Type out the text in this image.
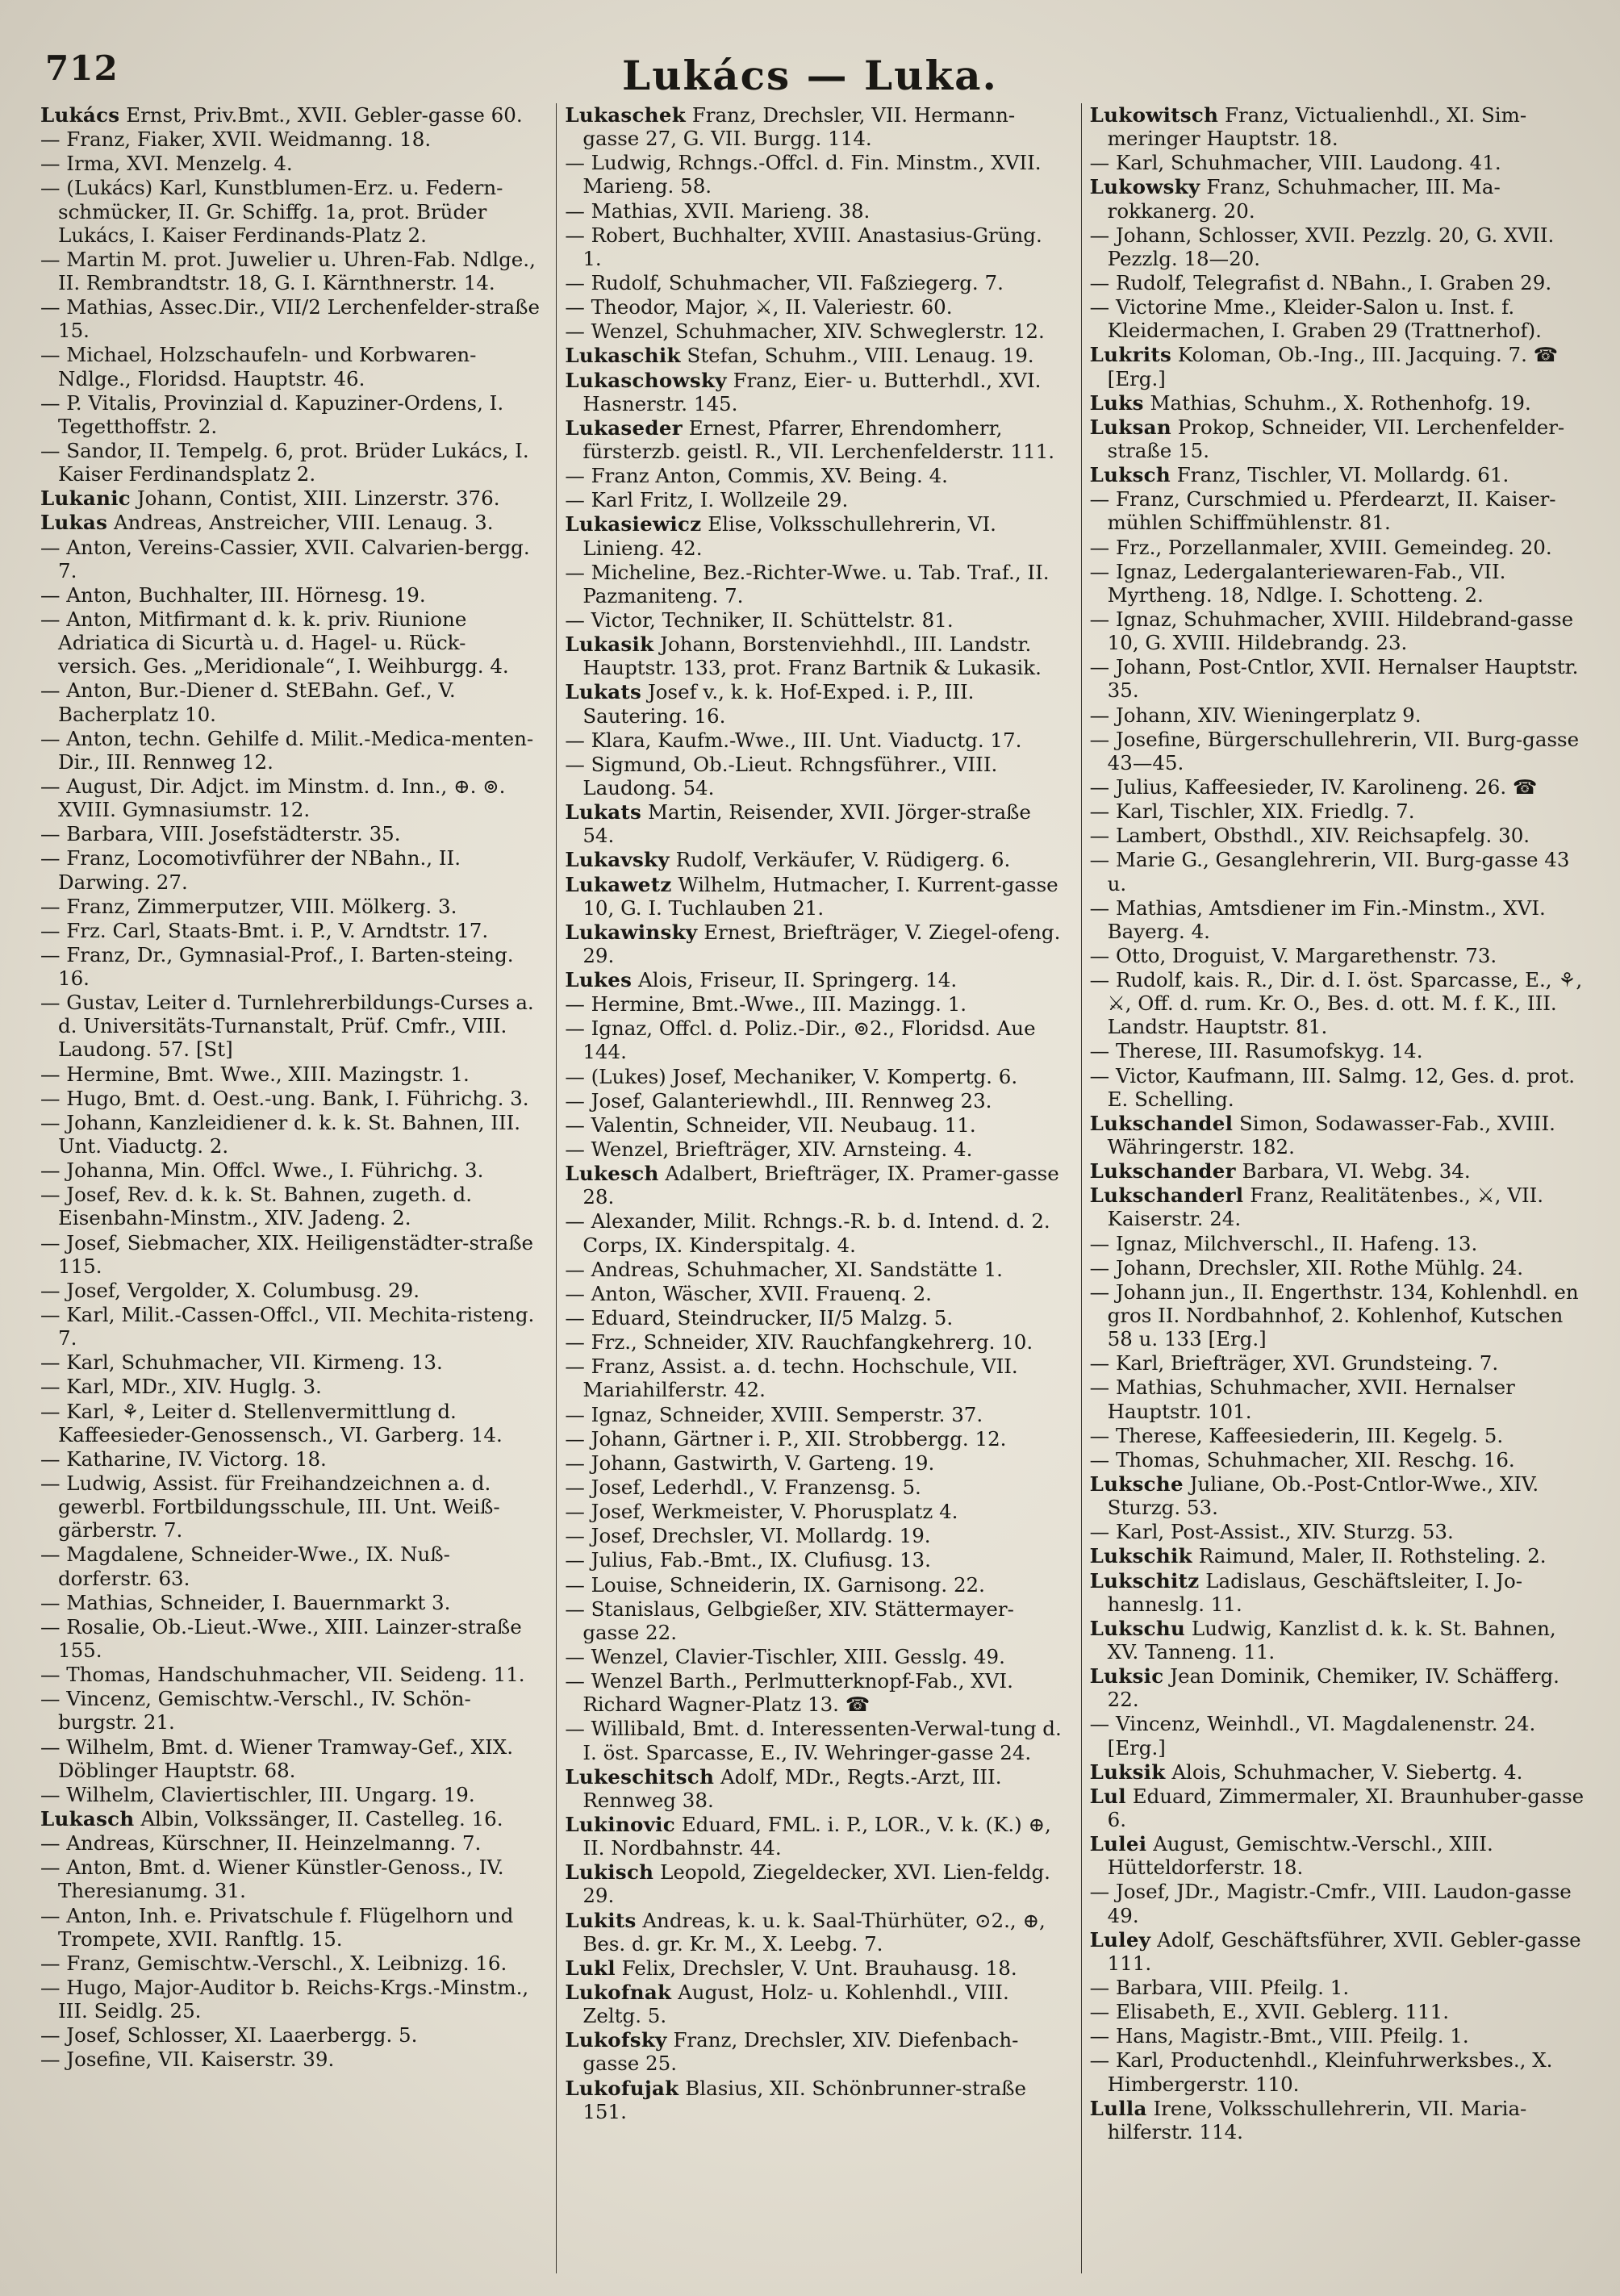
712	Lukács — Luka.
Lukács Ernst, Priv.Bmt., XVII. Gebler-gasse 60.
— Franz, Fiaker, XVII. Weidmanng. 18.
— Irma, XVI. Menzelg. 4.
— (Lukács) Karl, Kunstblumen-Erz. u. Federn-schmücker, II. Gr. Schiffg. 1a, prot. Brüder Lukács, I. Kaiser Ferdinands-Platz 2.
— Martin M. prot. Juwelier u. Uhren-Fab. Ndlge., II. Rembrandtstr. 18, G. I. Kärnthnerstr. 14.
— Mathias, Assec.Dir., VII/2 Lerchenfelder-straße 15.
— Michael, Holzschaufeln- und Korbwaren-Ndlge., Floridsd. Hauptstr. 46.
— P. Vitalis, Provinzial d. Kapuziner-Ordens, I. Tegetthoffstr. 2.
— Sandor, II. Tempelg. 6, prot. Brüder Lukács, I. Kaiser Ferdinandsplatz 2.
Lukanic Johann, Contist, XIII. Linzerstr. 376.
Lukas Andreas, Anstreicher, VIII. Lenaug. 3.
— Anton, Vereins-Cassier, XVII. Calvarien-bergg. 7.
— Anton, Buchhalter, III. Hörnesg. 19.
— Anton, Mitfirmant d. k. k. priv. Riunione Adriatica di Sicurtà u. d. Hagel- u. Rück-versich. Ges. „Meridionale“, I. Weihburgg. 4.
— Anton, Bur.-Diener d. StEBahn. Gef., V. Bacherplatz 10.
— Anton, techn. Gehilfe d. Milit.-Medica-menten-Dir., III. Rennweg 12.
— August, Dir. Adjct. im Minstm. d. Inn., ⊕. ⊚. XVIII. Gymnasiumstr. 12.
— Barbara, VIII. Josefstädterstr. 35.
— Franz, Locomotivführer der NBahn., II. Darwing. 27.
— Franz, Zimmerputzer, VIII. Mölkerg. 3.
— Frz. Carl, Staats-Bmt. i. P., V. Arndtstr. 17.
— Franz, Dr., Gymnasial-Prof., I. Barten-steing. 16.
— Gustav, Leiter d. Turnlehrerbildungs-Curses a. d. Universitäts-Turnanstalt, Prüf. Cmfr., VIII. Laudong. 57. [St]
— Hermine, Bmt. Wwe., XIII. Mazingstr. 1.
— Hugo, Bmt. d. Oest.-ung. Bank, I. Führichg. 3.
— Johann, Kanzleidiener d. k. k. St. Bahnen, III. Unt. Viaductg. 2.
— Johanna, Min. Offcl. Wwe., I. Führichg. 3.
— Josef, Rev. d. k. k. St. Bahnen, zugeth. d. Eisenbahn-Minstm., XIV. Jadeng. 2.
— Josef, Siebmacher, XIX. Heiligenstädter-straße 115.
— Josef, Vergolder, X. Columbusg. 29.
— Karl, Milit.-Cassen-Offcl., VII. Mechita-risteng. 7.
— Karl, Schuhmacher, VII. Kirmeng. 13.
— Karl, MDr., XIV. Huglg. 3.
— Karl, ⚘, Leiter d. Stellenvermittlung d. Kaffeesieder-Genossensch., VI. Garberg. 14.
— Katharine, IV. Victorg. 18.
— Ludwig, Assist. für Freihandzeichnen a. d. gewerbl. Fortbildungsschule, III. Unt. Weiß-gärberstr. 7.
— Magdalene, Schneider-Wwe., IX. Nuß-dorferstr. 63.
— Mathias, Schneider, I. Bauernmarkt 3.
— Rosalie, Ob.-Lieut.-Wwe., XIII. Lainzer-straße 155.
— Thomas, Handschuhmacher, VII. Seideng. 11.
— Vincenz, Gemischtw.-Verschl., IV. Schön-burgstr. 21.
— Wilhelm, Bmt. d. Wiener Tramway-Gef., XIX. Döblinger Hauptstr. 68.
— Wilhelm, Claviertischler, III. Ungarg. 19.
Lukasch Albin, Volkssänger, II. Castelleg. 16.
— Andreas, Kürschner, II. Heinzelmanng. 7.
— Anton, Bmt. d. Wiener Künstler-Genoss., IV. Theresianumg. 31.
— Anton, Inh. e. Privatschule f. Flügelhorn und Trompete, XVII. Ranftlg. 15.
— Franz, Gemischtw.-Verschl., X. Leibnizg. 16.
— Hugo, Major-Auditor b. Reichs-Krgs.-Minstm., III. Seidlg. 25.
— Josef, Schlosser, XI. Laaerbergg. 5.
— Josefine, VII. Kaiserstr. 39.
Lukaschek Franz, Drechsler, VII. Hermann-gasse 27, G. VII. Burgg. 114.
— Ludwig, Rchngs.-Offcl. d. Fin. Minstm., XVII. Marieng. 58.
— Mathias, XVII. Marieng. 38.
— Robert, Buchhalter, XVIII. Anastasius-Grüng. 1.
— Rudolf, Schuhmacher, VII. Faßziegerg. 7.
— Theodor, Major, ⚔, II. Valeriestr. 60.
— Wenzel, Schuhmacher, XIV. Schweglerstr. 12.
Lukaschik Stefan, Schuhm., VIII. Lenaug. 19.
Lukaschowsky Franz, Eier- u. Butterhdl., XVI. Hasnerstr. 145.
Lukaseder Ernest, Pfarrer, Ehrendomherr, fürsterzb. geistl. R., VII. Lerchenfelderstr. 111.
— Franz Anton, Commis, XV. Being. 4.
— Karl Fritz, I. Wollzeile 29.
Lukasiewicz Elise, Volksschullehrerin, VI. Linieng. 42.
— Micheline, Bez.-Richter-Wwe. u. Tab. Traf., II. Pazmaniteng. 7.
— Victor, Techniker, II. Schüttelstr. 81.
Lukasik Johann, Borstenviehhdl., III. Landstr. Hauptstr. 133, prot. Franz Bartnik & Lukasik.
Lukats Josef v., k. k. Hof-Exped. i. P., III. Sautering. 16.
— Klara, Kaufm.-Wwe., III. Unt. Viaductg. 17.
— Sigmund, Ob.-Lieut. Rchngsführer., VIII. Laudong. 54.
Lukats Martin, Reisender, XVII. Jörger-straße 54.
Lukavsky Rudolf, Verkäufer, V. Rüdigerg. 6.
Lukawetz Wilhelm, Hutmacher, I. Kurrent-gasse 10, G. I. Tuchlauben 21.
Lukawinsky Ernest, Briefträger, V. Ziegel-ofeng. 29.
Lukes Alois, Friseur, II. Springerg. 14.
— Hermine, Bmt.-Wwe., III. Mazingg. 1.
— Ignaz, Offcl. d. Poliz.-Dir., ⊚2., Floridsd. Aue 144.
— (Lukes) Josef, Mechaniker, V. Kompertg. 6.
— Josef, Galanteriewhdl., III. Rennweg 23.
— Valentin, Schneider, VII. Neubaug. 11.
— Wenzel, Briefträger, XIV. Arnsteing. 4.
Lukesch Adalbert, Briefträger, IX. Pramer-gasse 28.
— Alexander, Milit. Rchngs.-R. b. d. Intend. d. 2. Corps, IX. Kinderspitalg. 4.
— Andreas, Schuhmacher, XI. Sandstätte 1.
— Anton, Wäscher, XVII. Frauenq. 2.
— Eduard, Steindrucker, II/5 Malzg. 5.
— Frz., Schneider, XIV. Rauchfangkehrerg. 10.
— Franz, Assist. a. d. techn. Hochschule, VII. Mariahilferstr. 42.
— Ignaz, Schneider, XVIII. Semperstr. 37.
— Johann, Gärtner i. P., XII. Strobbergg. 12.
— Johann, Gastwirth, V. Garteng. 19.
— Josef, Lederhdl., V. Franzensg. 5.
— Josef, Werkmeister, V. Phorusplatz 4.
— Josef, Drechsler, VI. Mollardg. 19.
— Julius, Fab.-Bmt., IX. Clufiusg. 13.
— Louise, Schneiderin, IX. Garnisong. 22.
— Stanislaus, Gelbgießer, XIV. Stättermayer-gasse 22.
— Wenzel, Clavier-Tischler, XIII. Gesslg. 49.
— Wenzel Barth., Perlmutterknopf-Fab., XVI. Richard Wagner-Platz 13. ☎
— Willibald, Bmt. d. Interessenten-Verwal-tung d. I. öst. Sparcasse, E., IV. Wehringer-gasse 24.
Lukeschitsch Adolf, MDr., Regts.-Arzt, III. Rennweg 38.
Lukinovic Eduard, FML. i. P., LOR., V. k. (K.) ⊕, II. Nordbahnstr. 44.
Lukisch Leopold, Ziegeldecker, XVI. Lien-feldg. 29.
Lukits Andreas, k. u. k. Saal-Thürhüter, ⊙2., ⊕, Bes. d. gr. Kr. M., X. Leebg. 7.
Lukl Felix, Drechsler, V. Unt. Brauhausg. 18.
Lukofnak August, Holz- u. Kohlenhdl., VIII. Zeltg. 5.
Lukofsky Franz, Drechsler, XIV. Diefenbach-gasse 25.
Lukofujak Blasius, XII. Schönbrunner-straße 151.
Lukowitsch Franz, Victualienhdl., XI. Sim-meringer Hauptstr. 18.
— Karl, Schuhmacher, VIII. Laudong. 41.
Lukowsky Franz, Schuhmacher, III. Ma-rokkanerg. 20.
— Johann, Schlosser, XVII. Pezzlg. 20, G. XVII. Pezzlg. 18—20.
— Rudolf, Telegrafist d. NBahn., I. Graben 29.
— Victorine Mme., Kleider-Salon u. Inst. f. Kleidermachen, I. Graben 29 (Trattnerhof).
Lukrits Koloman, Ob.-Ing., III. Jacquing. 7. ☎ [Erg.]
Luks Mathias, Schuhm., X. Rothenhofg. 19.
Luksan Prokop, Schneider, VII. Lerchenfelder-straße 15.
Luksch Franz, Tischler, VI. Mollardg. 61.
— Franz, Curschmied u. Pferdearzt, II. Kaiser-mühlen Schiffmühlenstr. 81.
— Frz., Porzellanmaler, XVIII. Gemeindeg. 20.
— Ignaz, Ledergalanteriewaren-Fab., VII. Myrtheng. 18, Ndlge. I. Schotteng. 2.
— Ignaz, Schuhmacher, XVIII. Hildebrand-gasse 10, G. XVIII. Hildebrandg. 23.
— Johann, Post-Cntlor, XVII. Hernalser Hauptstr. 35.
— Johann, XIV. Wieningerplatz 9.
— Josefine, Bürgerschullehrerin, VII. Burg-gasse 43—45.
— Julius, Kaffeesieder, IV. Karolineng. 26. ☎
— Karl, Tischler, XIX. Friedlg. 7.
— Lambert, Obsthdl., XIV. Reichsapfelg. 30.
— Marie G., Gesanglehrerin, VII. Burg-gasse 43 u.
— Mathias, Amtsdiener im Fin.-Minstm., XVI. Bayerg. 4.
— Otto, Droguist, V. Margarethenstr. 73.
— Rudolf, kais. R., Dir. d. I. öst. Sparcasse, E., ⚘, ⚔, Off. d. rum. Kr. O., Bes. d. ott. M. f. K., III. Landstr. Hauptstr. 81.
— Therese, III. Rasumofskyg. 14.
— Victor, Kaufmann, III. Salmg. 12, Ges. d. prot. E. Schelling.
Lukschandel Simon, Sodawasser-Fab., XVIII. Währingerstr. 182.
Lukschander Barbara, VI. Webg. 34.
Lukschanderl Franz, Realitätenbes., ⚔, VII. Kaiserstr. 24.
— Ignaz, Milchverschl., II. Hafeng. 13.
— Johann, Drechsler, XII. Rothe Mühlg. 24.
— Johann jun., II. Engerthstr. 134, Kohlenhdl. en gros II. Nordbahnhof, 2. Kohlenhof, Kutschen 58 u. 133 [Erg.]
— Karl, Briefträger, XVI. Grundsteing. 7.
— Mathias, Schuhmacher, XVII. Hernalser Hauptstr. 101.
— Therese, Kaffeesiederin, III. Kegelg. 5.
— Thomas, Schuhmacher, XII. Reschg. 16.
Luksche Juliane, Ob.-Post-Cntlor-Wwe., XIV. Sturzg. 53.
— Karl, Post-Assist., XIV. Sturzg. 53.
Lukschik Raimund, Maler, II. Rothsteling. 2.
Lukschitz Ladislaus, Geschäftsleiter, I. Jo-hanneslg. 11.
Lukschu Ludwig, Kanzlist d. k. k. St. Bahnen, XV. Tanneng. 11.
Luksic Jean Dominik, Chemiker, IV. Schäfferg. 22.
— Vincenz, Weinhdl., VI. Magdalenenstr. 24. [Erg.]
Luksik Alois, Schuhmacher, V. Siebertg. 4.
Lul Eduard, Zimmermaler, XI. Braunhuber-gasse 6.
Lulei August, Gemischtw.-Verschl., XIII. Hütteldorferstr. 18.
— Josef, JDr., Magistr.-Cmfr., VIII. Laudon-gasse 49.
Luley Adolf, Geschäftsführer, XVII. Gebler-gasse 111.
— Barbara, VIII. Pfeilg. 1.
— Elisabeth, E., XVII. Geblerg. 111.
— Hans, Magistr.-Bmt., VIII. Pfeilg. 1.
— Karl, Productenhdl., Kleinfuhrwerksbes., X. Himbergerstr. 110.
Lulla Irene, Volksschullehrerin, VII. Maria-hilferstr. 114.
